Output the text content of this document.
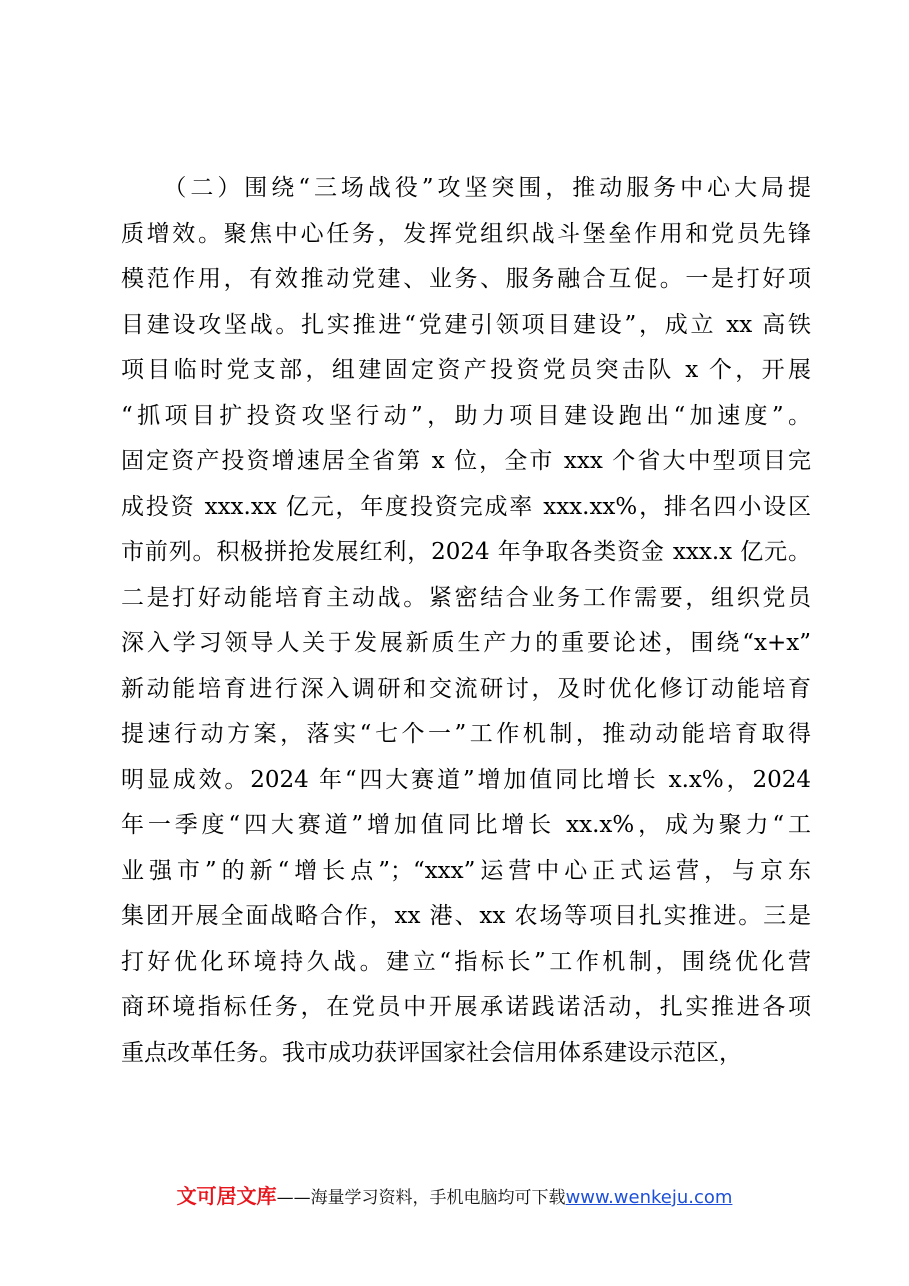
　　（二）围绕“三场战役”攻坚突围，推动服务中心大局提
质增效。聚焦中心任务，发挥党组织战斗堡垒作用和党员先锋
模范作用，有效推动党建、业务、服务融合互促。一是打好项
目建设攻坚战。扎实推进“党建引领项目建设”，成立 xx 高铁
项目临时党支部，组建固定资产投资党员突击队 x 个，开展
“抓项目扩投资攻坚行动”，助力项目建设跑出“加速度”。
固定资产投资增速居全省第 x 位，全市 xxx 个省大中型项目完
成投资 xxx.xx 亿元，年度投资完成率 xxx.xx%，排名四小设区
市前列。积极拼抢发展红利，2024 年争取各类资金 xxx.x 亿元。
二是打好动能培育主动战。紧密结合业务工作需要，组织党员
深入学习领导人关于发展新质生产力的重要论述，围绕“x+x”
新动能培育进行深入调研和交流研讨，及时优化修订动能培育
提速行动方案，落实“七个一”工作机制，推动动能培育取得
明显成效。2024 年“四大赛道”增加值同比增长 x.x%，2024
年一季度“四大赛道”增加值同比增长 xx.x%，成为聚力“工
业强市”的新“增长点”；“xxx”运营中心正式运营，与京东
集团开展全面战略合作，xx 港、xx 农场等项目扎实推进。三是
打好优化环境持久战。建立“指标长”工作机制，围绕优化营
商环境指标任务，在党员中开展承诺践诺活动，扎实推进各项
重点改革任务。我市成功获评国家社会信用体系建设示范区，
文可居文库——海量学习资料，手机电脑均可下载www.wenkeju.com
